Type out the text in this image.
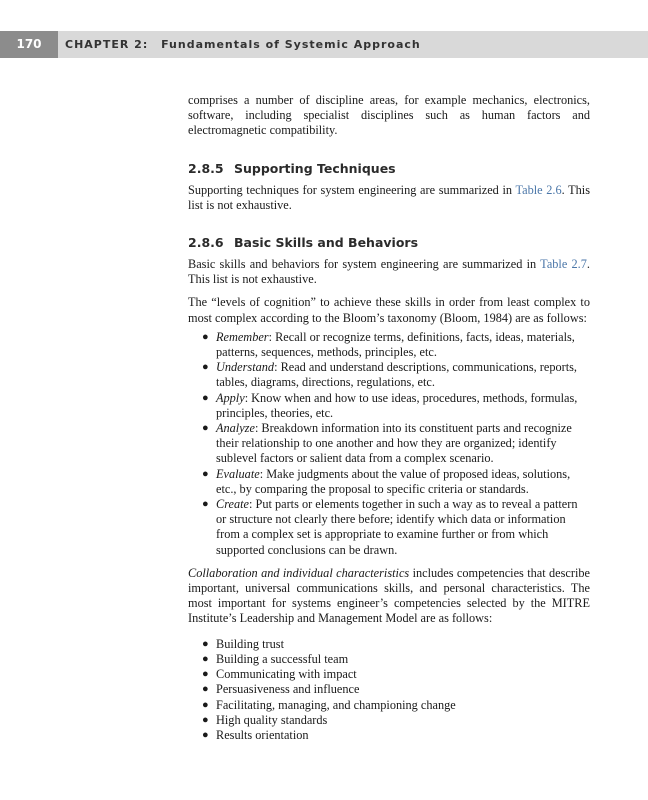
170	CHAPTER 2: Fundamentals of Systemic Approach

comprises a number of discipline areas, for example mechanics, electronics, software, including specialist disciplines such as human factors and electromagnetic compatibility.

2.8.5 Supporting Techniques

Supporting techniques for system engineering are summarized in Table 2.6. This list is not exhaustive.

2.8.6 Basic Skills and Behaviors

Basic skills and behaviors for system engineering are summarized in Table 2.7. This list is not exhaustive.

The “levels of cognition” to achieve these skills in order from least complex to most complex according to the Bloom’s taxonomy (Bloom, 1984) are as follows:

● Remember: Recall or recognize terms, definitions, facts, ideas, materials, patterns, sequences, methods, principles, etc.
● Understand: Read and understand descriptions, communications, reports, tables, diagrams, directions, regulations, etc.
● Apply: Know when and how to use ideas, procedures, methods, formulas, principles, theories, etc.
● Analyze: Breakdown information into its constituent parts and recognize their relationship to one another and how they are organized; identify sublevel factors or salient data from a complex scenario.
● Evaluate: Make judgments about the value of proposed ideas, solutions, etc., by comparing the proposal to specific criteria or standards.
● Create: Put parts or elements together in such a way as to reveal a pattern or structure not clearly there before; identify which data or information from a complex set is appropriate to examine further or from which supported conclusions can be drawn.

Collaboration and individual characteristics includes competencies that describe important, universal communications skills, and personal characteristics. The most important for systems engineer’s competencies selected by the MITRE Institute’s Leadership and Management Model are as follows:

● Building trust
● Building a successful team
● Communicating with impact
● Persuasiveness and influence
● Facilitating, managing, and championing change
● High quality standards
● Results orientation
